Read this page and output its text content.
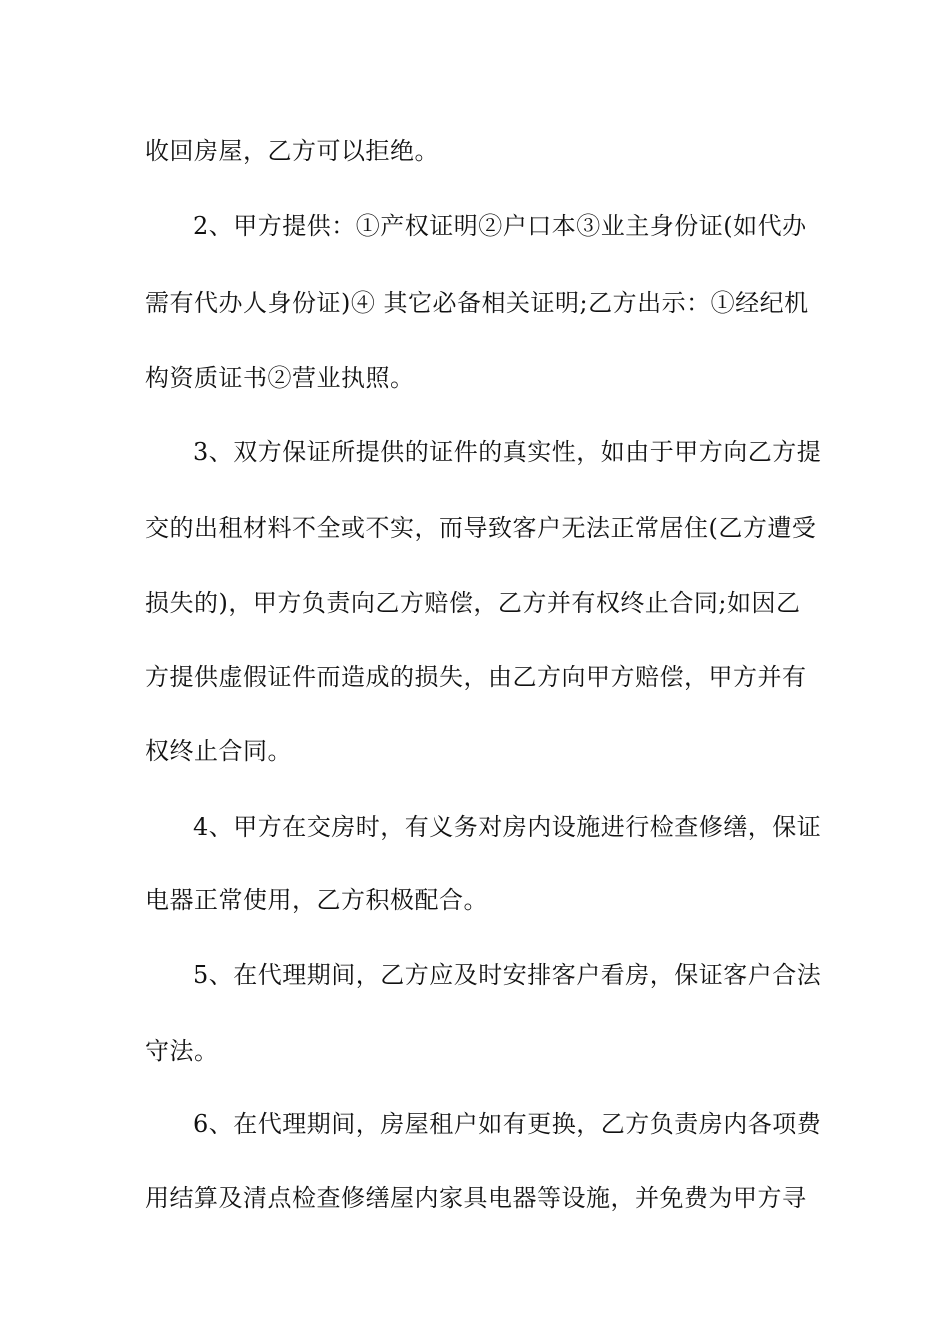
收回房屋，乙方可以拒绝。
2、甲方提供：①产权证明②户口本③业主身份证(如代办
需有代办人身份证)④ 其它必备相关证明;乙方出示：①经纪机
构资质证书②营业执照。
3、双方保证所提供的证件的真实性，如由于甲方向乙方提
交的出租材料不全或不实，而导致客户无法正常居住(乙方遭受
损失的)，甲方负责向乙方赔偿，乙方并有权终止合同;如因乙
方提供虚假证件而造成的损失，由乙方向甲方赔偿，甲方并有
权终止合同。
4、甲方在交房时，有义务对房内设施进行检查修缮，保证
电器正常使用，乙方积极配合。
5、在代理期间，乙方应及时安排客户看房，保证客户合法
守法。
6、在代理期间，房屋租户如有更换，乙方负责房内各项费
用结算及清点检查修缮屋内家具电器等设施，并免费为甲方寻
